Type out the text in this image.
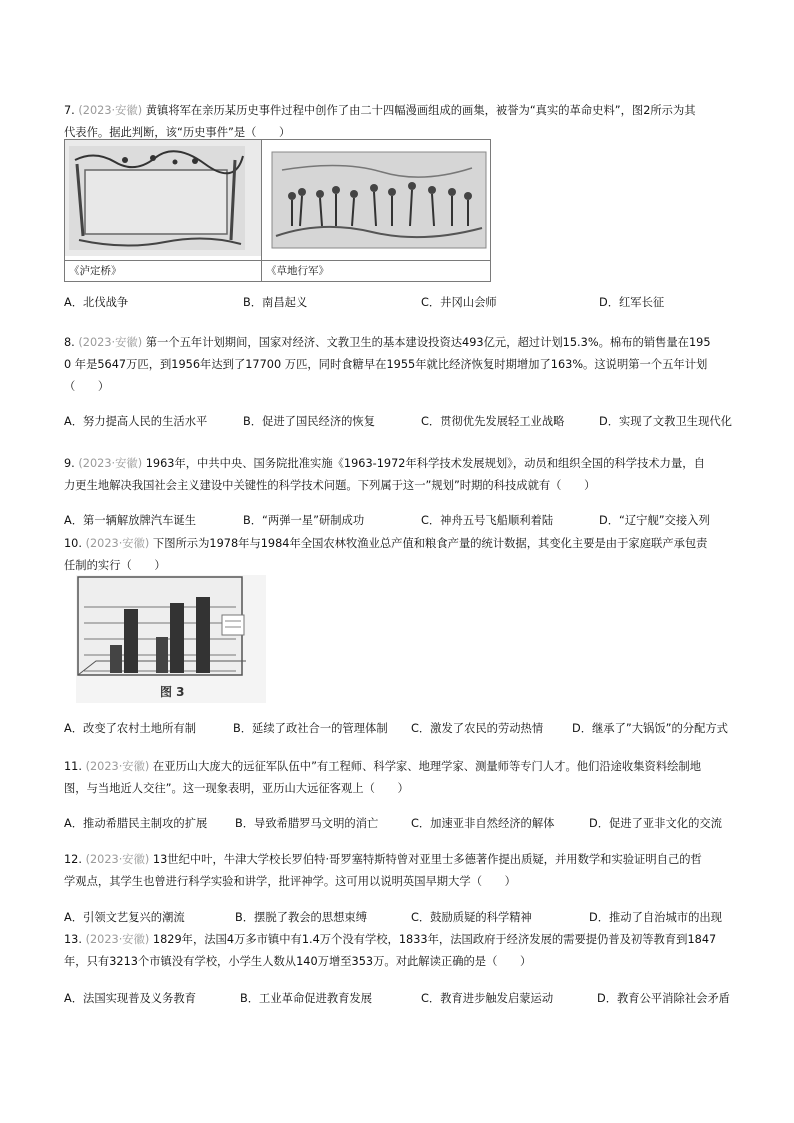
7. (2023·安徽) 黄镇将军在亲历某历史事件过程中创作了由二十四幅漫画组成的画集，被誉为“真实的革命史料”，图2所示为其
代表作。据此判断，该“历史事件”是（　　）

《泸定桥》	《草地行军》
A．北伐战争	B．南昌起义	C．井冈山会师	D．红军长征
8. (2023·安徽) 第一个五年计划期间，国家对经济、文教卫生的基本建设投资达493亿元，超过计划15.3%。棉布的销售量在195
0 年是5647万匹，到1956年达到了17700 万匹，同时食糖早在1955年就比经济恢复时期增加了163%。这说明第一个五年计划
（　　）
A．努力提高人民的生活水平	B．促进了国民经济的恢复	C．贯彻优先发展轻工业战略	D．实现了文教卫生现代化
9. (2023·安徽) 1963年，中共中央、国务院批准实施《1963-1972年科学技术发展规划》，动员和组织全国的科学技术力量，自
力更生地解决我国社会主义建设中关键性的科学技术问题。下列属于这一”规划”时期的科技成就有（　　）
A．第一辆解放牌汽车诞生	B．“两弹一星”研制成功	C．神舟五号飞船顺利着陆	D．“辽宁舰”交接入列
10. (2023·安徽) 下图所示为1978年与1984年全国农林牧渔业总产值和粮食产量的统计数据，其变化主要是由于家庭联产承包责
任制的实行（　　）
图 3
A．改变了农村土地所有制	B．延续了政社合一的管理体制 C．激发了农民的劳动热情	D．继承了”大锅饭”的分配方式
11. (2023·安徽) 在亚历山大庞大的远征军队伍中”有工程师、科学家、地理学家、测量师等专门人才。他们沿途收集资料绘制地
图，与当地近人交往”。这一现象表明，亚历山大远征客观上（　　）
A．推动希腊民主制攻的扩展 B．导致希腊罗马文明的消亡	C．加速亚非自然经济的解体	D．促进了亚非文化的交流
12. (2023·安徽) 13世纪中叶，牛津大学校长罗伯特·哥罗塞特斯特曾对亚里士多德著作提出质疑，并用数学和实验证明自己的哲
学观点，其学生也曾进行科学实验和讲学，批评神学。这可用以说明英国早期大学（　　）
A．引领文艺复兴的潮流	B．摆脱了教会的思想束缚	C．鼓励质疑的科学精神	D．推动了自治城市的出现
13. (2023·安徽) 1829年，法国4万多市镇中有1.4万个没有学校，1833年，法国政府于经济发展的需要提仍普及初等教育到1847
年，只有3213个市镇没有学校，小学生人数从140万增至353万。对此解读正确的是（　　）
A．法国实现普及义务教育	B．工业革命促进教育发展	C．教育进步触发启蒙运动	D．教育公平消除社会矛盾
